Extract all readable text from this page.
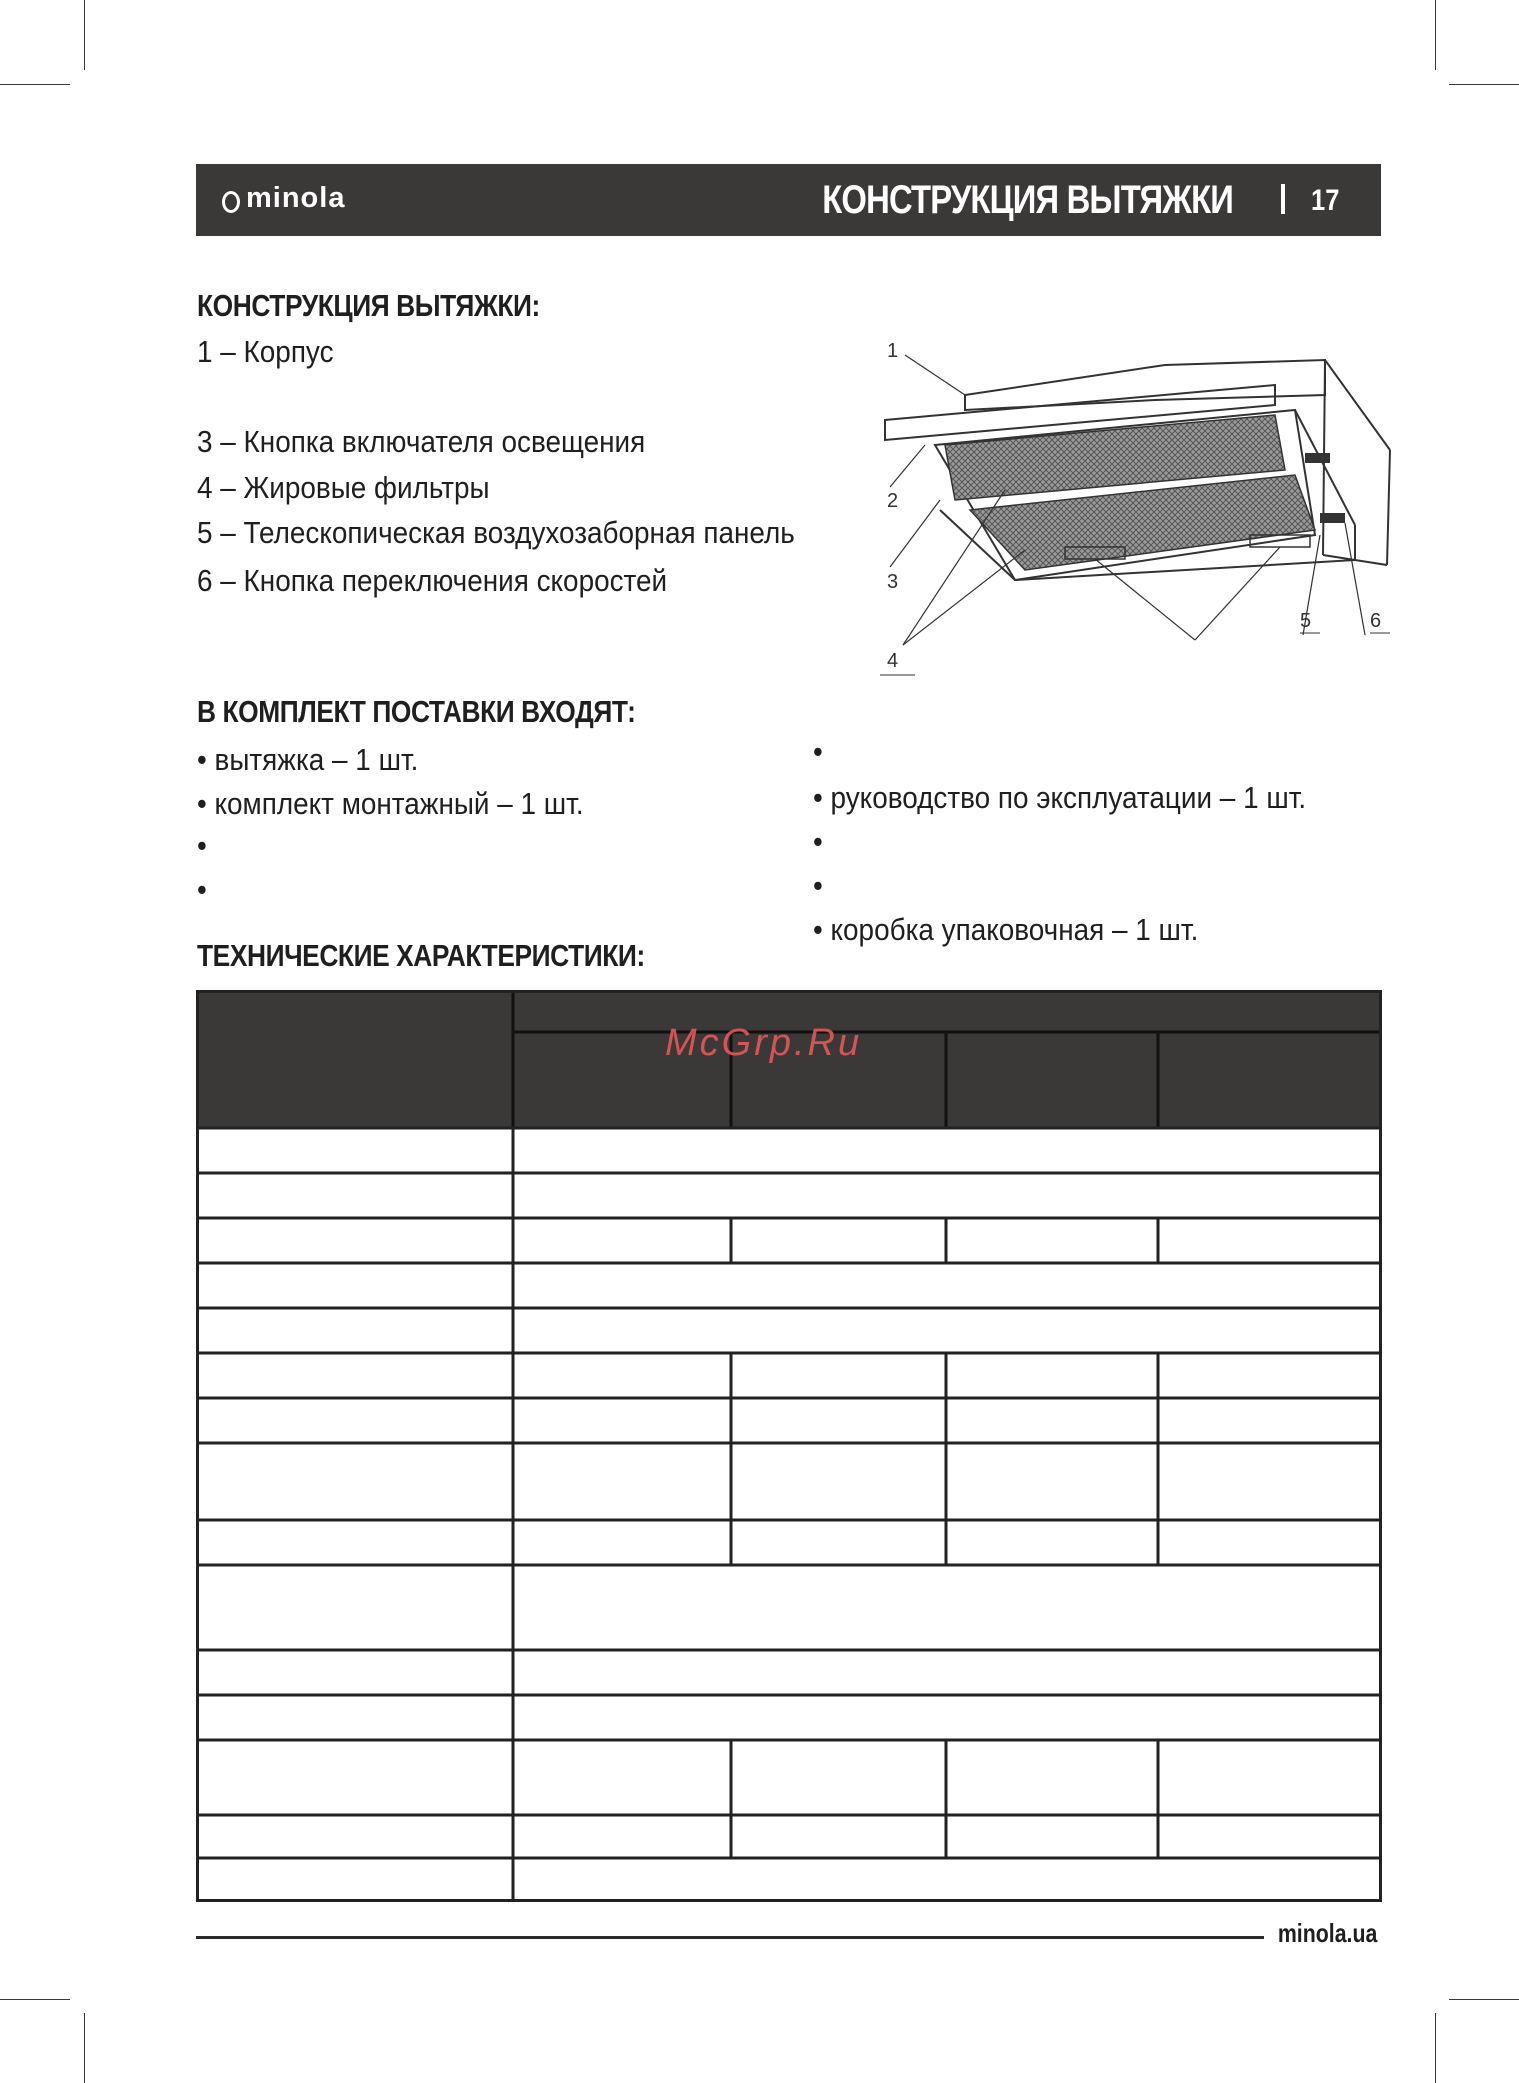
minola	КОНСТРУКЦИЯ ВЫТЯЖКИ	17
КОНСТРУКЦИЯ ВЫТЯЖКИ:
1 – Корпус
3 – Кнопка включателя освещения
4 – Жировые фильтры
5 – Телескопическая воздухозаборная панель
6 – Кнопка переключения скоростей
1
2
3
4
5	6
В КОМПЛЕКТ ПОСТАВКИ ВХОДЯТ:
• вытяжка – 1 шт.
• комплект монтажный – 1 шт.
•
•
•
• руководство по эксплуатации – 1 шт.
•
•
• коробка упаковочная – 1 шт.
ТЕХНИЧЕСКИЕ ХАРАКТЕРИСТИКИ:
McGrp.Ru
minola.ua
